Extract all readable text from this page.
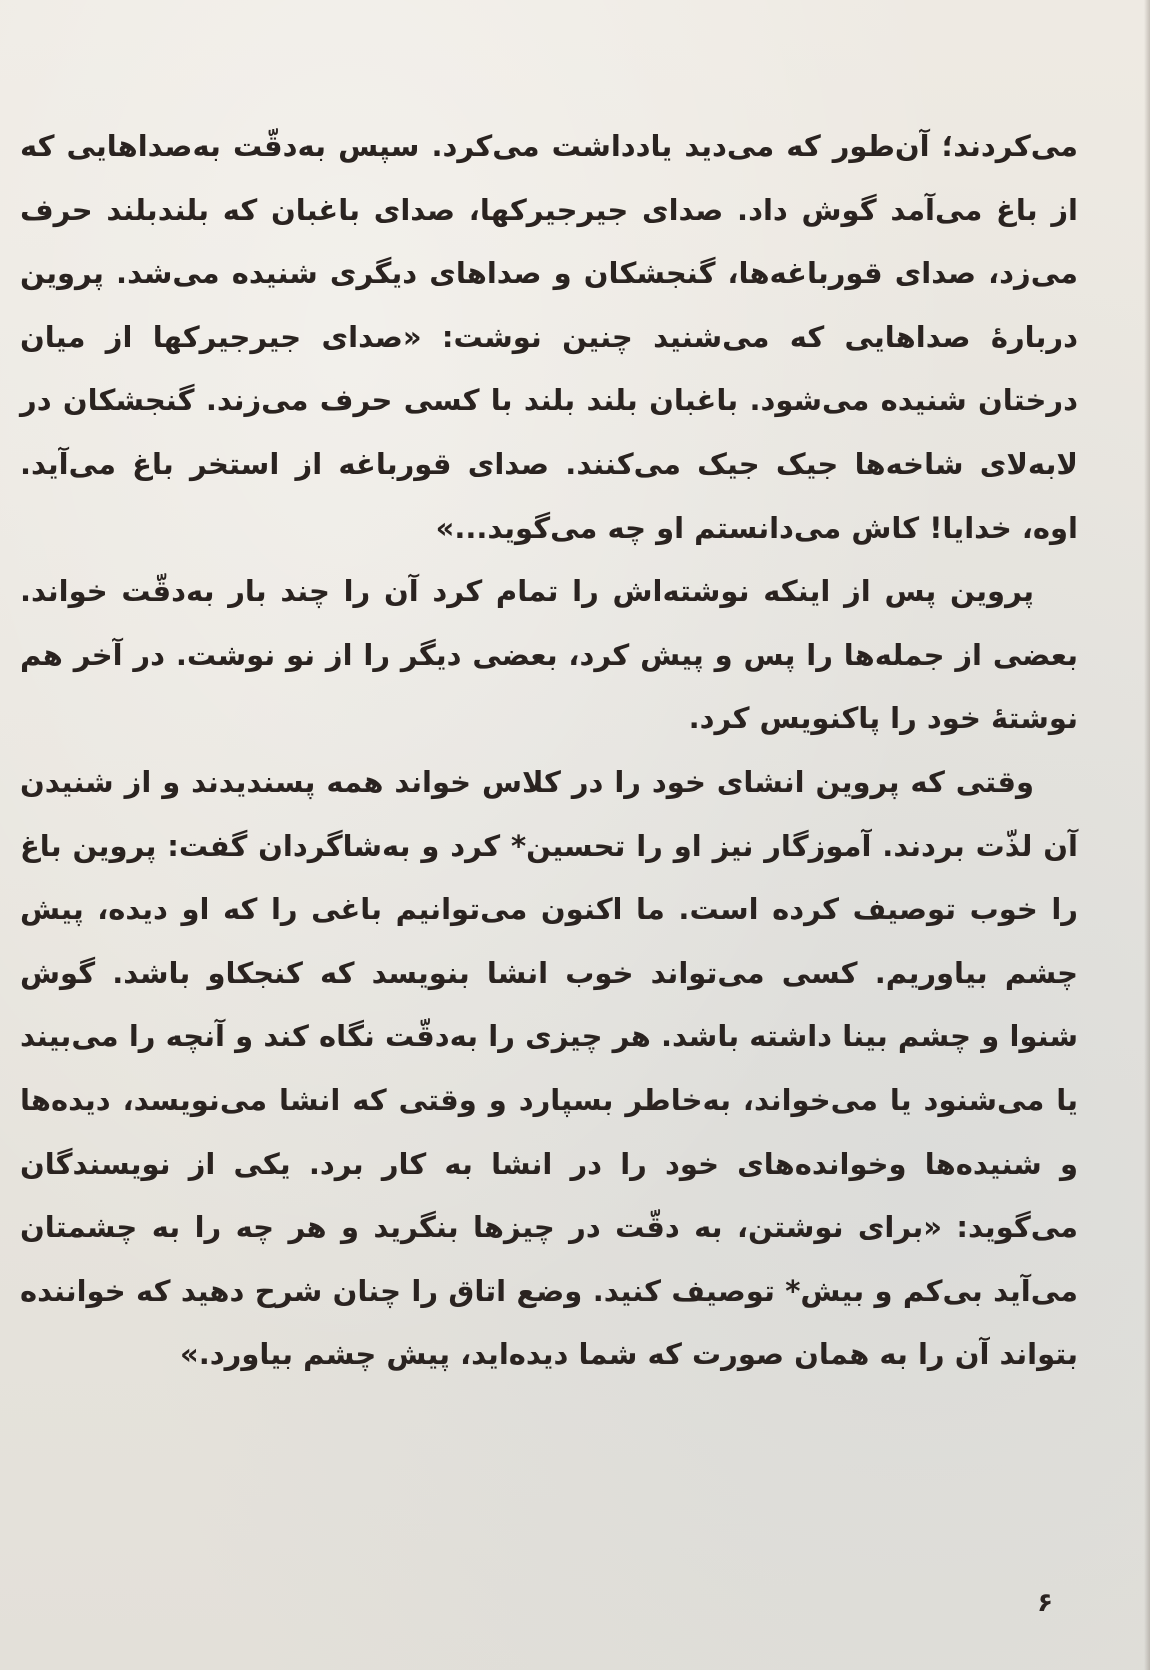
می‌کردند؛ آن‌طور که می‌دید یادداشت می‌کرد. سپس به‌دقّت به‌صداهایی که از باغ می‌آمد گوش داد. صدای جیرجیرکها، صدای باغبان که بلندبلند حرف می‌زد، صدای قورباغه‌ها، گنجشکان و صداهای دیگری شنیده می‌شد. پروین دربارهٔ صداهایی که می‌شنید چنین نوشت: «صدای جیرجیرکها از میان درختان شنیده می‌شود. باغبان بلند بلند با کسی حرف می‌زند. گنجشکان در لابه‌لای شاخه‌ها جیک جیک می‌کنند. صدای قورباغه از استخر باغ می‌آید. اوه، خدایا! کاش می‌دانستم او چه می‌گوید...»

پروین پس از اینکه نوشته‌اش را تمام کرد آن را چند بار به‌دقّت خواند. بعضی از جمله‌ها را پس و پیش کرد، بعضی دیگر را از نو نوشت. در آخر هم نوشتهٔ خود را پاکنویس کرد.

وقتی که پروین انشای خود را در کلاس خواند همه پسندیدند و از شنیدن آن لذّت بردند. آموزگار نیز او را تحسین* کرد و به‌شاگردان گفت: پروین باغ را خوب توصیف کرده است. ما اکنون می‌توانیم باغی را که او دیده، پیش چشم بیاوریم. کسی می‌تواند خوب انشا بنویسد که کنجکاو باشد. گوش شنوا و چشم بینا داشته باشد. هر چیزی را به‌دقّت نگاه کند و آنچه را می‌بیند یا می‌شنود یا می‌خواند، به‌خاطر بسپارد و وقتی که انشا می‌نویسد، دیده‌ها و شنیده‌ها وخوانده‌های خود را در انشا به کار برد. یکی از نویسندگان می‌گوید: «برای نوشتن، به دقّت در چیزها بنگرید و هر چه را به چشمتان می‌آید بی‌کم و بیش* توصیف کنید. وضع اتاق را چنان شرح دهید که خواننده بتواند آن را به همان صورت که شما دیده‌اید، پیش چشم بیاورد.»

۶
